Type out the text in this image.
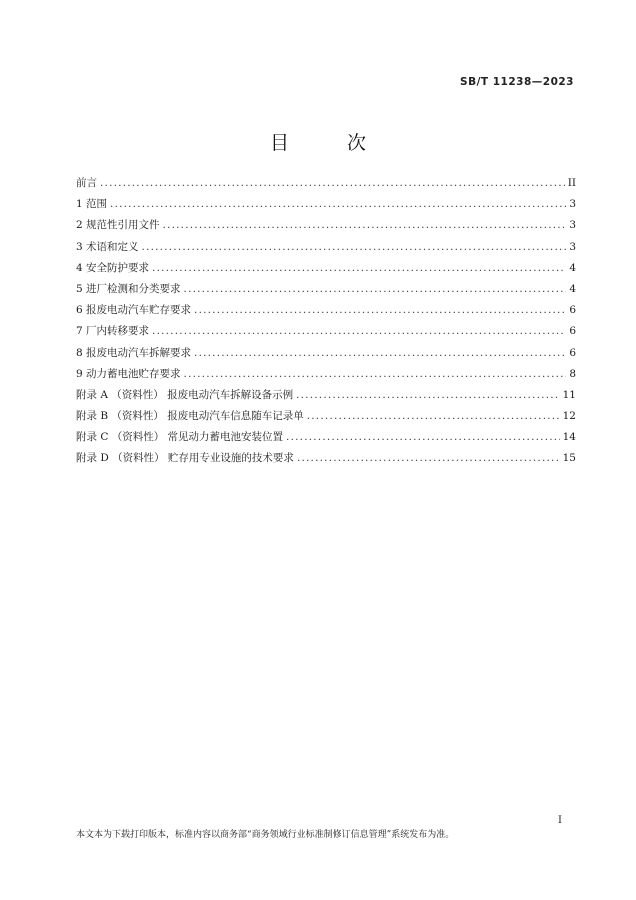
SB/T 11238—2023
目 次
前言 .....	II
1 范围 .....	3
2 规范性引用文件 .....	3
3 术语和定义 .....	3
4 安全防护要求 .....	4
5 进厂检测和分类要求 .....	4
6 报废电动汽车贮存要求 .....	6
7 厂内转移要求 .....	6
8 报废电动汽车拆解要求 .....	6
9 动力蓄电池贮存要求 .....	8
附录 A （资料性） 报废电动汽车拆解设备示例 .....	11
附录 B （资料性） 报废电动汽车信息随车记录单 .....	12
附录 C （资料性） 常见动力蓄电池安装位置 .....	14
附录 D （资料性） 贮存用专业设施的技术要求 .....	15
I
本文本为下载打印版本，标准内容以商务部“商务领域行业标准制修订信息管理”系统发布为准。
